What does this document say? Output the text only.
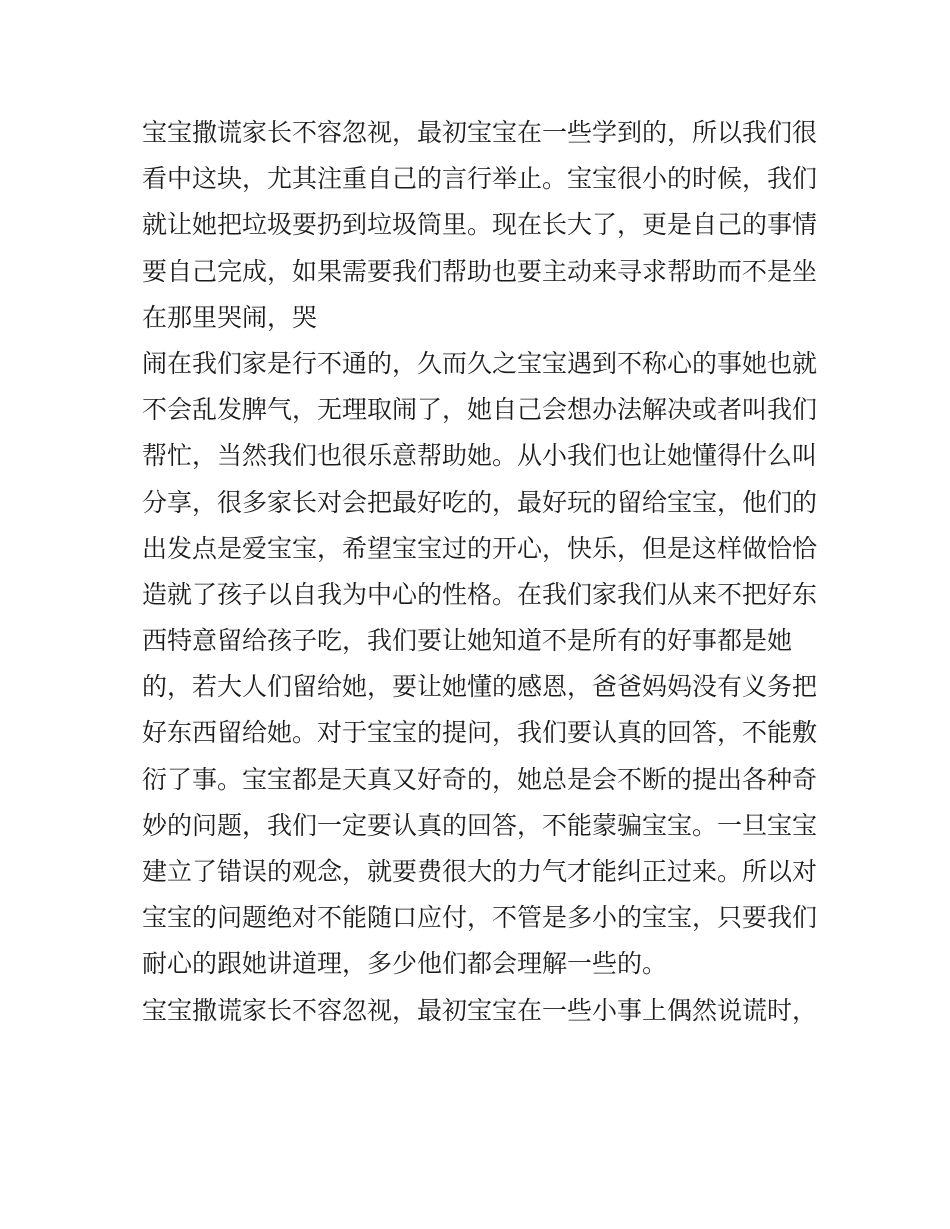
宝宝撒谎家长不容忽视，最初宝宝在一些学到的，所以我们很

看中这块，尤其注重自己的言行举止。宝宝很小的时候，我们

就让她把垃圾要扔到垃圾筒里。现在长大了，更是自己的事情

要自己完成，如果需要我们帮助也要主动来寻求帮助而不是坐

在那里哭闹，哭

闹在我们家是行不通的，久而久之宝宝遇到不称心的事她也就

不会乱发脾气，无理取闹了，她自己会想办法解决或者叫我们

帮忙，当然我们也很乐意帮助她。从小我们也让她懂得什么叫

分享，很多家长对会把最好吃的，最好玩的留给宝宝，他们的

出发点是爱宝宝，希望宝宝过的开心，快乐，但是这样做恰恰

造就了孩子以自我为中心的性格。在我们家我们从来不把好东

西特意留给孩子吃，我们要让她知道不是所有的好事都是她

的，若大人们留给她，要让她懂的感恩，爸爸妈妈没有义务把

好东西留给她。对于宝宝的提问，我们要认真的回答，不能敷

衍了事。宝宝都是天真又好奇的，她总是会不断的提出各种奇

妙的问题，我们一定要认真的回答，不能蒙骗宝宝。一旦宝宝

建立了错误的观念，就要费很大的力气才能纠正过来。所以对

宝宝的问题绝对不能随口应付，不管是多小的宝宝，只要我们

耐心的跟她讲道理，多少他们都会理解一些的。

宝宝撒谎家长不容忽视，最初宝宝在一些小事上偶然说谎时，
